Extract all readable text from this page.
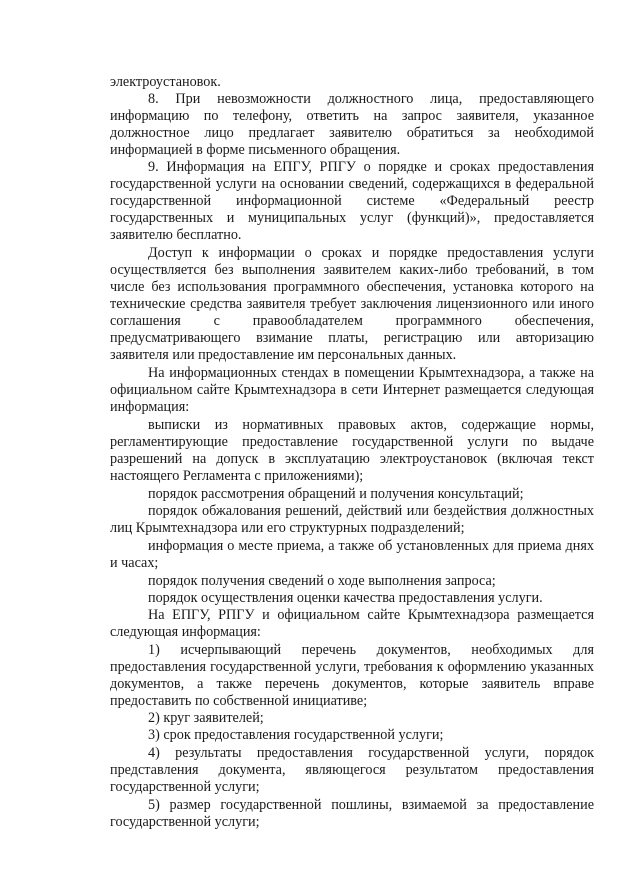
электроустановок.

8. При невозможности должностного лица, предоставляющего информацию по телефону, ответить на запрос заявителя, указанное должностное лицо предлагает заявителю обратиться за необходимой информацией в форме письменного обращения.

9. Информация на ЕПГУ, РПГУ о порядке и сроках предоставления государственной услуги на основании сведений, содержащихся в федеральной государственной информационной системе «Федеральный реестр государственных и муниципальных услуг (функций)», предоставляется заявителю бесплатно.

Доступ к информации о сроках и порядке предоставления услуги осуществляется без выполнения заявителем каких-либо требований, в том числе без использования программного обеспечения, установка которого на технические средства заявителя требует заключения лицензионного или иного соглашения с правообладателем программного обеспечения, предусматривающего взимание платы, регистрацию или авторизацию заявителя или предоставление им персональных данных.

На информационных стендах в помещении Крымтехнадзора, а также на официальном сайте Крымтехнадзора в сети Интернет размещается следующая информация:

выписки из нормативных правовых актов, содержащие нормы, регламентирующие предоставление государственной услуги по выдаче разрешений на допуск в эксплуатацию электроустановок (включая текст настоящего Регламента с приложениями);

порядок рассмотрения обращений и получения консультаций;

порядок обжалования решений, действий или бездействия должностных лиц Крымтехнадзора или его структурных подразделений;

информация о месте приема, а также об установленных для приема днях и часах;

порядок получения сведений о ходе выполнения запроса;

порядок осуществления оценки качества предоставления услуги.

На ЕПГУ, РПГУ и официальном сайте Крымтехнадзора размещается следующая информация:

1) исчерпывающий перечень документов, необходимых для предоставления государственной услуги, требования к оформлению указанных документов, а также перечень документов, которые заявитель вправе предоставить по собственной инициативе;

2) круг заявителей;

3) срок предоставления государственной услуги;

4) результаты предоставления государственной услуги, порядок представления документа, являющегося результатом предоставления государственной услуги;

5) размер государственной пошлины, взимаемой за предоставление государственной услуги;
